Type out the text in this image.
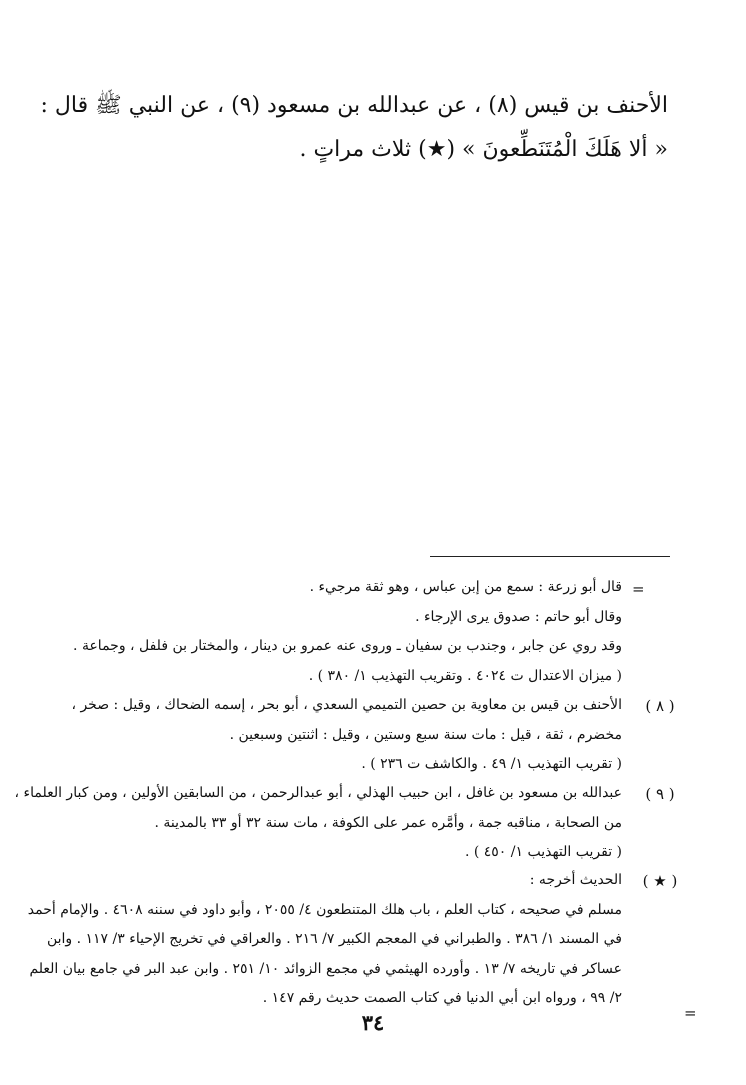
الأحنف بن قيس (٨) ، عن عبدالله بن مسعود (٩) ، عن النبي ﷺ قال :
« ألا هَلَكَ الْمُتَنَطِّعونَ » (★) ثلاث مراتٍ .
=
قال أبو زرعة : سمع من إبن عباس ، وهو ثقة مرجيء .
وقال أبو حاتم : صدوق يرى الإرجاء .
وقد روي عن جابر ، وجندب بن سفيان ـ وروى عنه عمرو بن دينار ، والمختار بن فلفل ، وجماعة .
( ميزان الاعتدال ت ٤٠٢٤ . وتقريب التهذيب ١/ ٣٨٠ ) .
( ٨ )
الأحنف بن قيس بن معاوية بن حصين التميمي السعدي ، أبو بحر ، إسمه الضحاك ، وقيل : صخر ،
مخضرم ، ثقة ، قيل : مات سنة سبع وستين ، وقيل : اثنتين وسبعين .
( تقريب التهذيب ١/ ٤٩ . والكاشف ت ٢٣٦ ) .
( ٩ )
عبدالله بن مسعود بن غافل ، ابن حبيب الهذلي ، أبو عبدالرحمن ، من السابقين الأولين ، ومن كبار العلماء ،
من الصحابة ، مناقبه جمة ، وأمَّره عمر على الكوفة ، مات سنة ٣٢ أو ٣٣ بالمدينة .
( تقريب التهذيب ١/ ٤٥٠ ) .
( ★ )
الحديث أخرجه :
مسلم في صحيحه ، كتاب العلم ، باب هلك المتنطعون ٤/ ٢٠٥٥ ، وأبو داود في سننه ٤٦٠٨ . والإمام أحمد
في المسند ١/ ٣٨٦ . والطبراني في المعجم الكبير ٧/ ٢١٦ . والعراقي في تخريج الإحياء ٣/ ١١٧ . وابن
عساكر في تاريخه ٧/ ١٣ . وأورده الهيثمي في مجمع الزوائد ١٠/ ٢٥١ . وابن عبد البر في جامع بيان العلم
٢/ ٩٩ ، ورواه ابن أبي الدنيا في كتاب الصمت حديث رقم ١٤٧ .
٣٤	=
